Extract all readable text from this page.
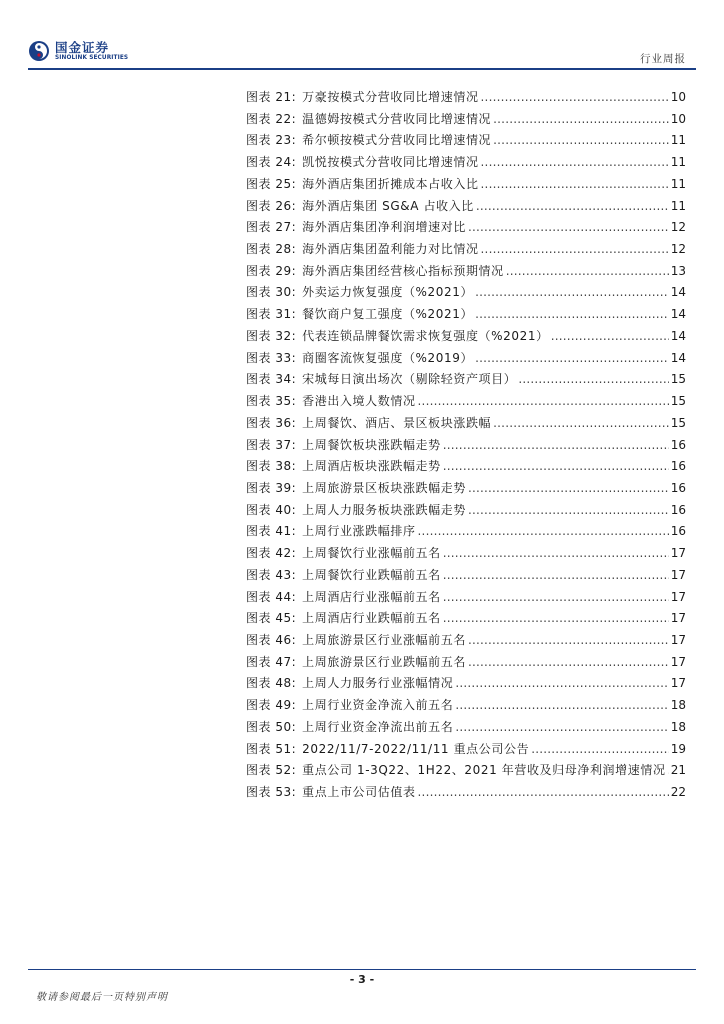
国金证券
SINOLINK SECURITIES	行业周报
图表 21: 万豪按模式分营收同比增速情况 .....	10
图表 22: 温德姆按模式分营收同比增速情况 .....	10
图表 23: 希尔顿按模式分营收同比增速情况 .....	11
图表 24: 凯悦按模式分营收同比增速情况 .....	11
图表 25: 海外酒店集团折摊成本占收入比 .....	11
图表 26: 海外酒店集团 SG&A 占收入比 .....	11
图表 27: 海外酒店集团净利润增速对比 .....	12
图表 28: 海外酒店集团盈利能力对比情况 .....	12
图表 29: 海外酒店集团经营核心指标预期情况 .....	13
图表 30: 外卖运力恢复强度（%2021） .....	14
图表 31: 餐饮商户复工强度（%2021） .....	14
图表 32: 代表连锁品牌餐饮需求恢复强度（%2021） .....	14
图表 33: 商圈客流恢复强度（%2019） .....	14
图表 34: 宋城每日演出场次（剔除轻资产项目） .....	15
图表 35: 香港出入境人数情况 .....	15
图表 36: 上周餐饮、酒店、景区板块涨跌幅 .....	15
图表 37: 上周餐饮板块涨跌幅走势 .....	16
图表 38: 上周酒店板块涨跌幅走势 .....	16
图表 39: 上周旅游景区板块涨跌幅走势 .....	16
图表 40: 上周人力服务板块涨跌幅走势 .....	16
图表 41: 上周行业涨跌幅排序 .....	16
图表 42: 上周餐饮行业涨幅前五名 .....	17
图表 43: 上周餐饮行业跌幅前五名 .....	17
图表 44: 上周酒店行业涨幅前五名 .....	17
图表 45: 上周酒店行业跌幅前五名 .....	17
图表 46: 上周旅游景区行业涨幅前五名 .....	17
图表 47: 上周旅游景区行业跌幅前五名 .....	17
图表 48: 上周人力服务行业涨幅情况 .....	17
图表 49: 上周行业资金净流入前五名 .....	18
图表 50: 上周行业资金净流出前五名 .....	18
图表 51: 2022/11/7-2022/11/11 重点公司公告 .....	19
图表 52: 重点公司 1-3Q22、1H22、2021 年营收及归母净利润增速情况 ..... 21
图表 53: 重点上市公司估值表 .....	22
- 3 -
敬请参阅最后一页特别声明
